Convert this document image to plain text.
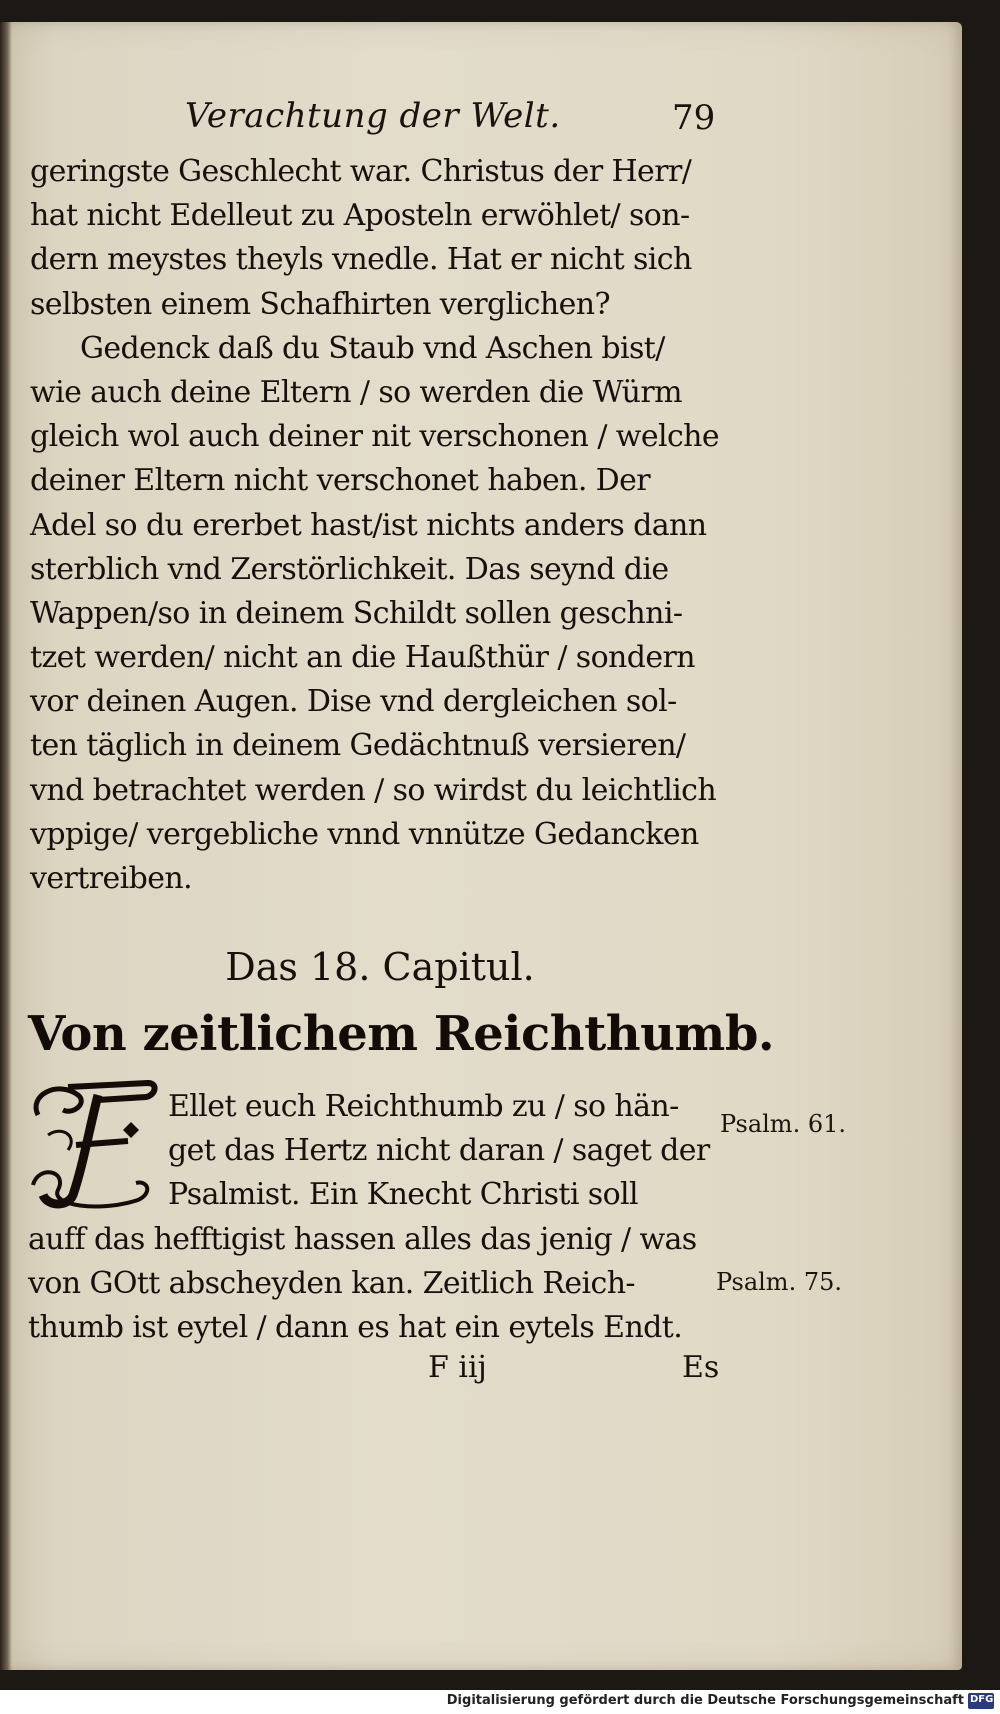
Verachtung der Welt.	79
geringste Geschlecht war. Christus der Herr/
hat nicht Edelleut zu Aposteln erwöhlet/ son-
dern meystes theyls vnedle. Hat er nicht sich
selbsten einem Schafhirten verglichen?
Gedenck daß du Staub vnd Aschen bist/
wie auch deine Eltern / so werden die Würm
gleich wol auch deiner nit verschonen / welche
deiner Eltern nicht verschonet haben. Der
Adel so du ererbet hast/ist nichts anders dann
sterblich vnd Zerstörlichkeit. Das seynd die
Wappen/so in deinem Schildt sollen geschni-
tzet werden/ nicht an die Haußthür / sondern
vor deinen Augen. Dise vnd dergleichen sol-
ten täglich in deinem Gedächtnuß versieren/
vnd betrachtet werden / so wirdst du leichtlich
vppige/ vergebliche vnnd vnnütze Gedancken
vertreiben.
Das 18. Capitul.
Von zeitlichem Reichthumb.
Ellet euch Reichthumb zu / so hän-
get das Hertz nicht daran / saget der
Psalmist. Ein Knecht Christi soll
auff das hefftigist hassen alles das jenig / was
von GOtt abscheyden kan. Zeitlich Reich-
thumb ist eytel / dann es hat ein eytels Endt.
Psalm. 61.
Psalm. 75.
F iij	Es
Digitalisierung gefördert durch die Deutsche Forschungsgemeinschaft DFG
